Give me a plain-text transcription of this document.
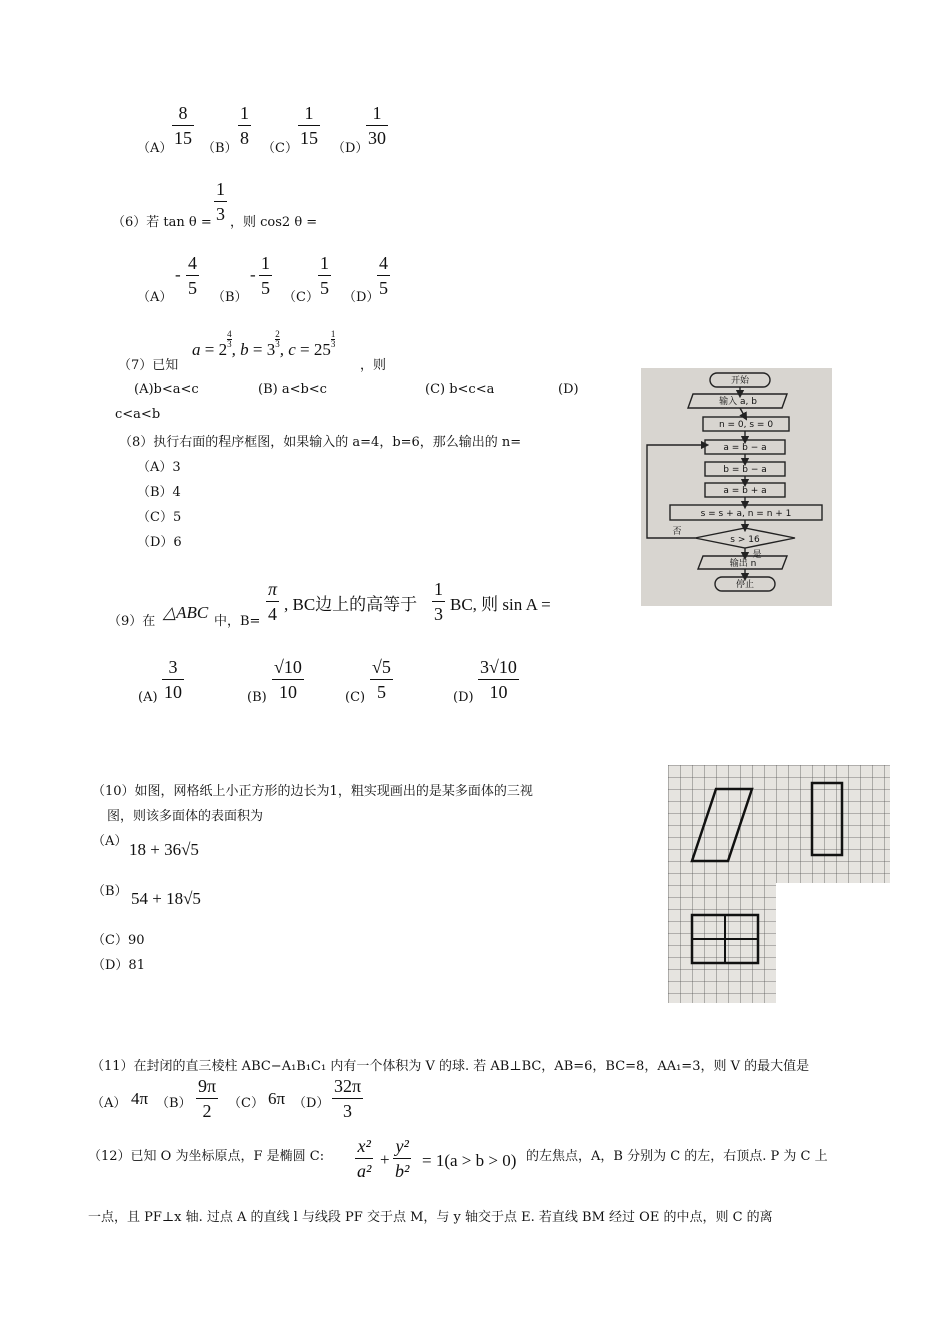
（A）
8
15
（B）
1
8
（C）
1
15
（D）
1
30
（6）若 tan θ =
1
3 ，则 cos2 θ =
（A）
-
4
5 （B）
-
1
5 （C）
1
5 （D）
4
5
（7）已知
a = 2
$\frac{4}{3}$
, b = 3
$\frac{2}{3}$
, c = 25
$\frac{1}{3}$
，则
(A)b<a<c	(B) a<b<c	(C) b<c<a	(D)
c<a<b
（8）执行右面的程序框图，如果输入的 a=4，b=6，那么输出的 n=
（A）3
（B）4
（C）5
（D）6
开始
输入 a, b
n = 0, s = 0
a = b − a
b = b − a
a = b + a
s = s + a, n = n + 1
s > 16
否
是
输出 n
停止
（9）在 △ABC 中，B=
π
4 , BC边上的高等于
1
3 BC, 则 sin A =
(A)
3
10	(B)
√10
10	(C)
√5
5	(D)
3√10
10
（10）如图，网格纸上小正方形的边长为1，粗实现画出的是某多面体的三视
图，则该多面体的表面积为
（A） 18 + 36√5
（B） 54 + 18√5
（C）90
（D）81
（11）在封闭的直三棱柱 ABC−A₁B₁C₁ 内有一个体积为 V 的球. 若 AB⊥BC，AB=6，BC=8，AA₁=3，则 V 的最大值是
（A） 4π （B）
9π
2	（C） 6π （D）
32π
3
（12）已知 O 为坐标原点，F 是椭圆 C:
x²
a²
+
y²
b²
= 1(a > b > 0) 的左焦点，A，B 分别为 C 的左，右顶点. P 为 C 上
一点，且 PF⊥x 轴. 过点 A 的直线 l 与线段 PF 交于点 M，与 y 轴交于点 E. 若直线 BM 经过 OE 的中点，则 C 的离
